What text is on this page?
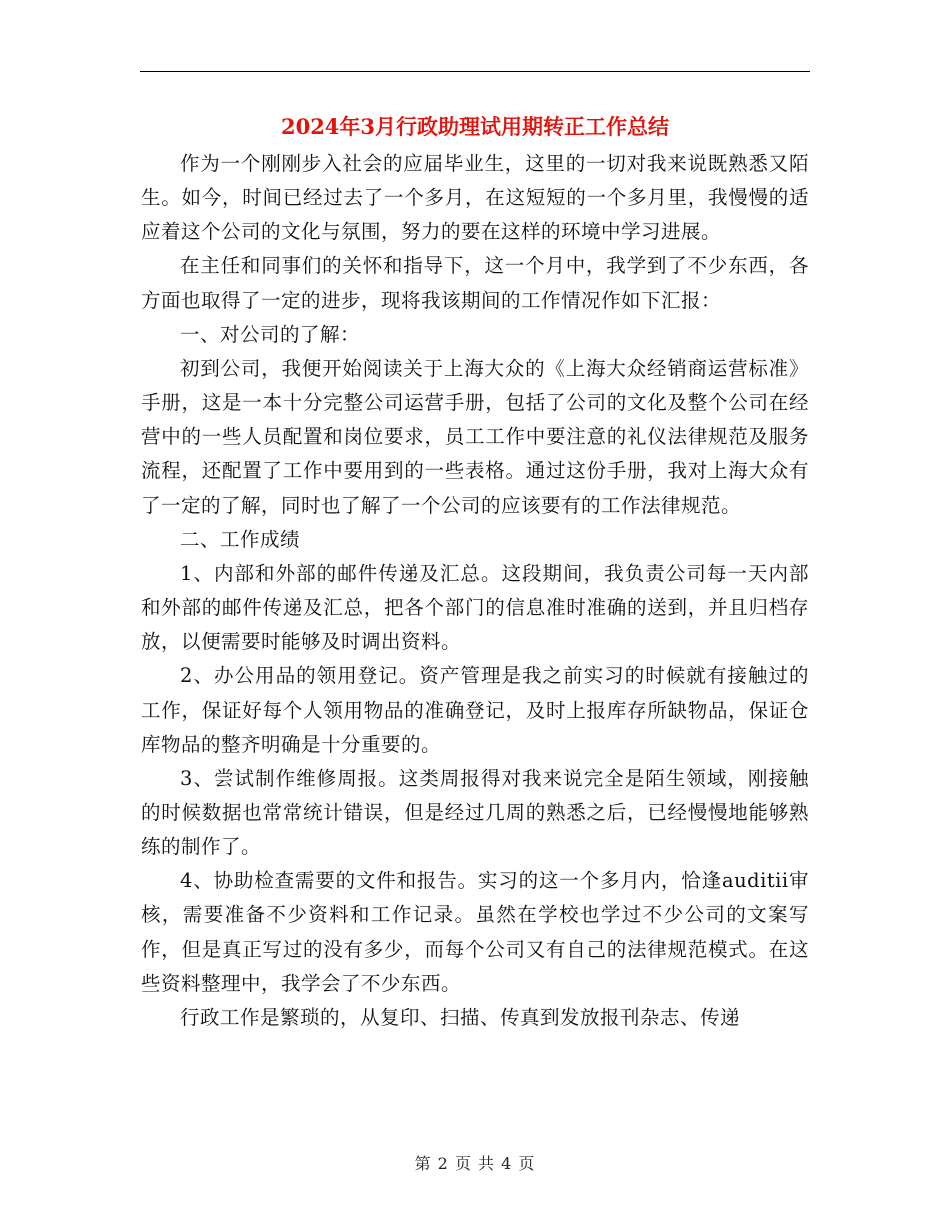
2024年3月行政助理试用期转正工作总结

作为一个刚刚步入社会的应届毕业生，这里的一切对我来说既熟悉又陌生。如今，时间已经过去了一个多月，在这短短的一个多月里，我慢慢的适应着这个公司的文化与氛围，努力的要在这样的环境中学习进展。

在主任和同事们的关怀和指导下，这一个月中，我学到了不少东西，各方面也取得了一定的进步，现将我该期间的工作情况作如下汇报：

一、对公司的了解：

初到公司，我便开始阅读关于上海大众的《上海大众经销商运营标准》手册，这是一本十分完整公司运营手册，包括了公司的文化及整个公司在经营中的一些人员配置和岗位要求，员工工作中要注意的礼仪法律规范及服务流程，还配置了工作中要用到的一些表格。通过这份手册，我对上海大众有了一定的了解，同时也了解了一个公司的应该要有的工作法律规范。

二、工作成绩

1、内部和外部的邮件传递及汇总。这段期间，我负责公司每一天内部和外部的邮件传递及汇总，把各个部门的信息准时准确的送到，并且归档存放，以便需要时能够及时调出资料。

2、办公用品的领用登记。资产管理是我之前实习的时候就有接触过的工作，保证好每个人领用物品的准确登记，及时上报库存所缺物品，保证仓库物品的整齐明确是十分重要的。

3、尝试制作维修周报。这类周报得对我来说完全是陌生领域，刚接触的时候数据也常常统计错误，但是经过几周的熟悉之后，已经慢慢地能够熟练的制作了。

4、协助检查需要的文件和报告。实习的这一个多月内，恰逢auditii审核，需要准备不少资料和工作记录。虽然在学校也学过不少公司的文案写作，但是真正写过的没有多少，而每个公司又有自己的法律规范模式。在这些资料整理中，我学会了不少东西。

行政工作是繁琐的，从复印、扫描、传真到发放报刊杂志、传递

第 2 页 共 4 页
